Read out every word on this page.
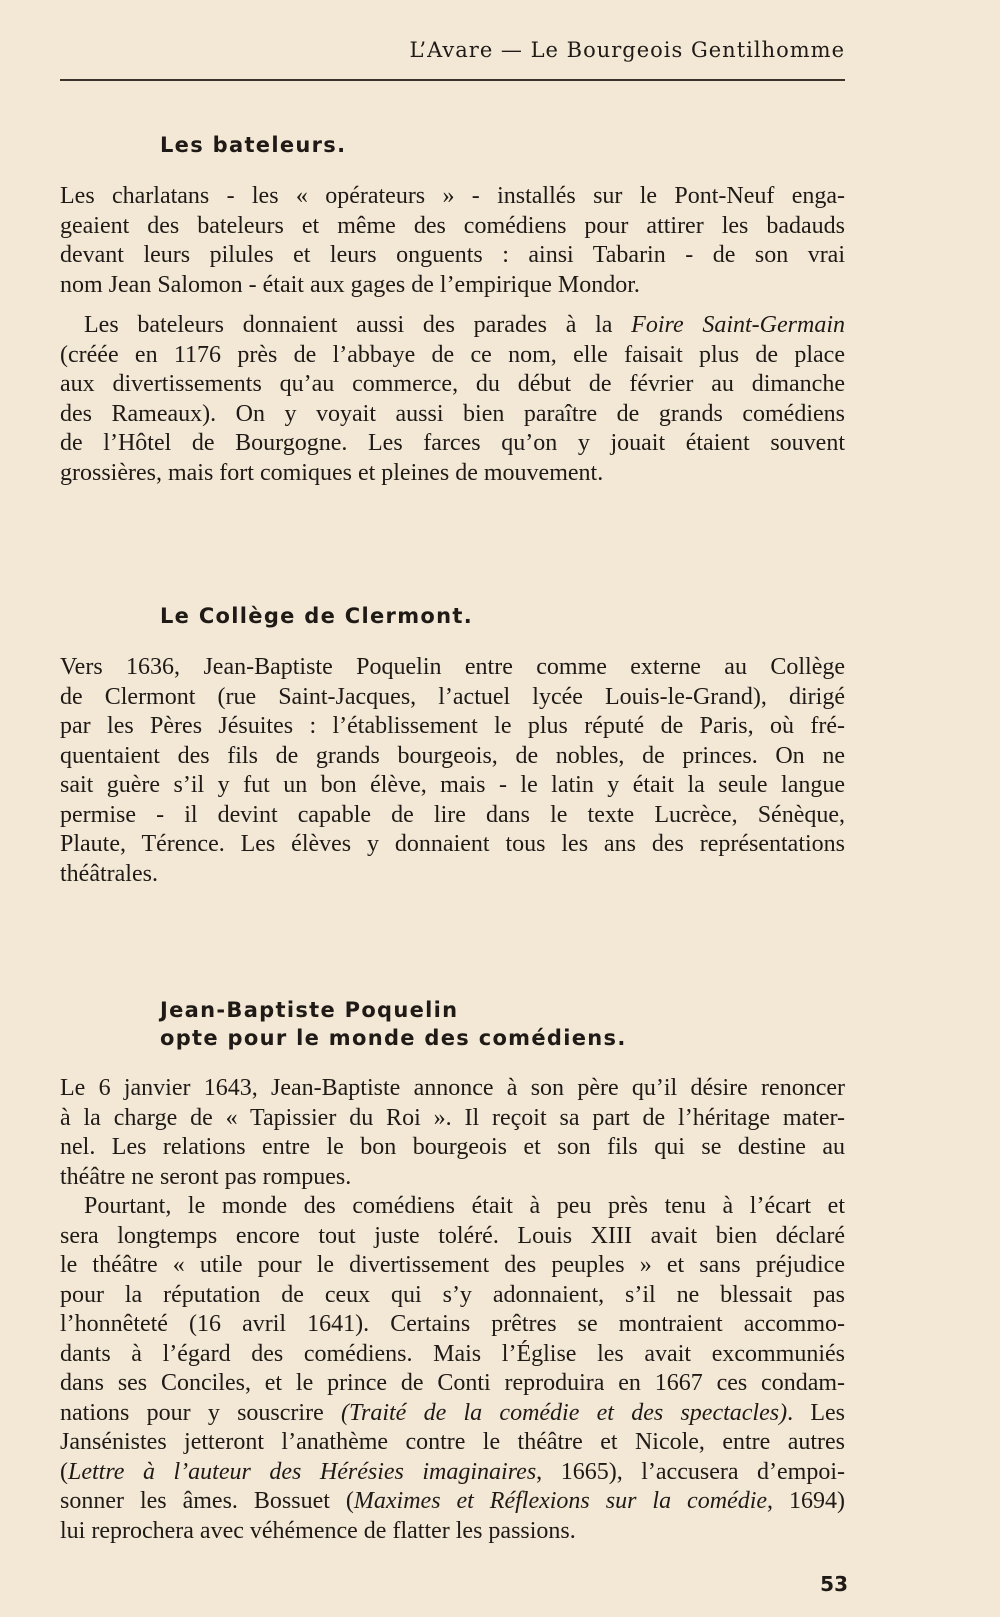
L’Avare — Le Bourgeois Gentilhomme
Les bateleurs.
Les charlatans - les « opérateurs » - installés sur le Pont-Neuf enga-
geaient des bateleurs et même des comédiens pour attirer les badauds
devant leurs pilules et leurs onguents : ainsi Tabarin - de son vrai
nom Jean Salomon - était aux gages de l’empirique Mondor.
Les bateleurs donnaient aussi des parades à la Foire Saint-Germain
(créée en 1176 près de l’abbaye de ce nom, elle faisait plus de place
aux divertissements qu’au commerce, du début de février au dimanche
des Rameaux). On y voyait aussi bien paraître de grands comédiens
de l’Hôtel de Bourgogne. Les farces qu’on y jouait étaient souvent
grossières, mais fort comiques et pleines de mouvement.
Le Collège de Clermont.
Vers 1636, Jean-Baptiste Poquelin entre comme externe au Collège
de Clermont (rue Saint-Jacques, l’actuel lycée Louis-le-Grand), dirigé
par les Pères Jésuites : l’établissement le plus réputé de Paris, où fré-
quentaient des fils de grands bourgeois, de nobles, de princes. On ne
sait guère s’il y fut un bon élève, mais - le latin y était la seule langue
permise - il devint capable de lire dans le texte Lucrèce, Sénèque,
Plaute, Térence. Les élèves y donnaient tous les ans des représentations
théâtrales.
Jean-Baptiste Poquelin
opte pour le monde des comédiens.
Le 6 janvier 1643, Jean-Baptiste annonce à son père qu’il désire renoncer
à la charge de « Tapissier du Roi ». Il reçoit sa part de l’héritage mater-
nel. Les relations entre le bon bourgeois et son fils qui se destine au
théâtre ne seront pas rompues.
Pourtant, le monde des comédiens était à peu près tenu à l’écart et
sera longtemps encore tout juste toléré. Louis XIII avait bien déclaré
le théâtre « utile pour le divertissement des peuples » et sans préjudice
pour la réputation de ceux qui s’y adonnaient, s’il ne blessait pas
l’honnêteté (16 avril 1641). Certains prêtres se montraient accommo-
dants à l’égard des comédiens. Mais l’Église les avait excommuniés
dans ses Conciles, et le prince de Conti reproduira en 1667 ces condam-
nations pour y souscrire (Traité de la comédie et des spectacles). Les
Jansénistes jetteront l’anathème contre le théâtre et Nicole, entre autres
(Lettre à l’auteur des Hérésies imaginaires, 1665), l’accusera d’empoi-
sonner les âmes. Bossuet (Maximes et Réflexions sur la comédie, 1694)
lui reprochera avec véhémence de flatter les passions.
53
